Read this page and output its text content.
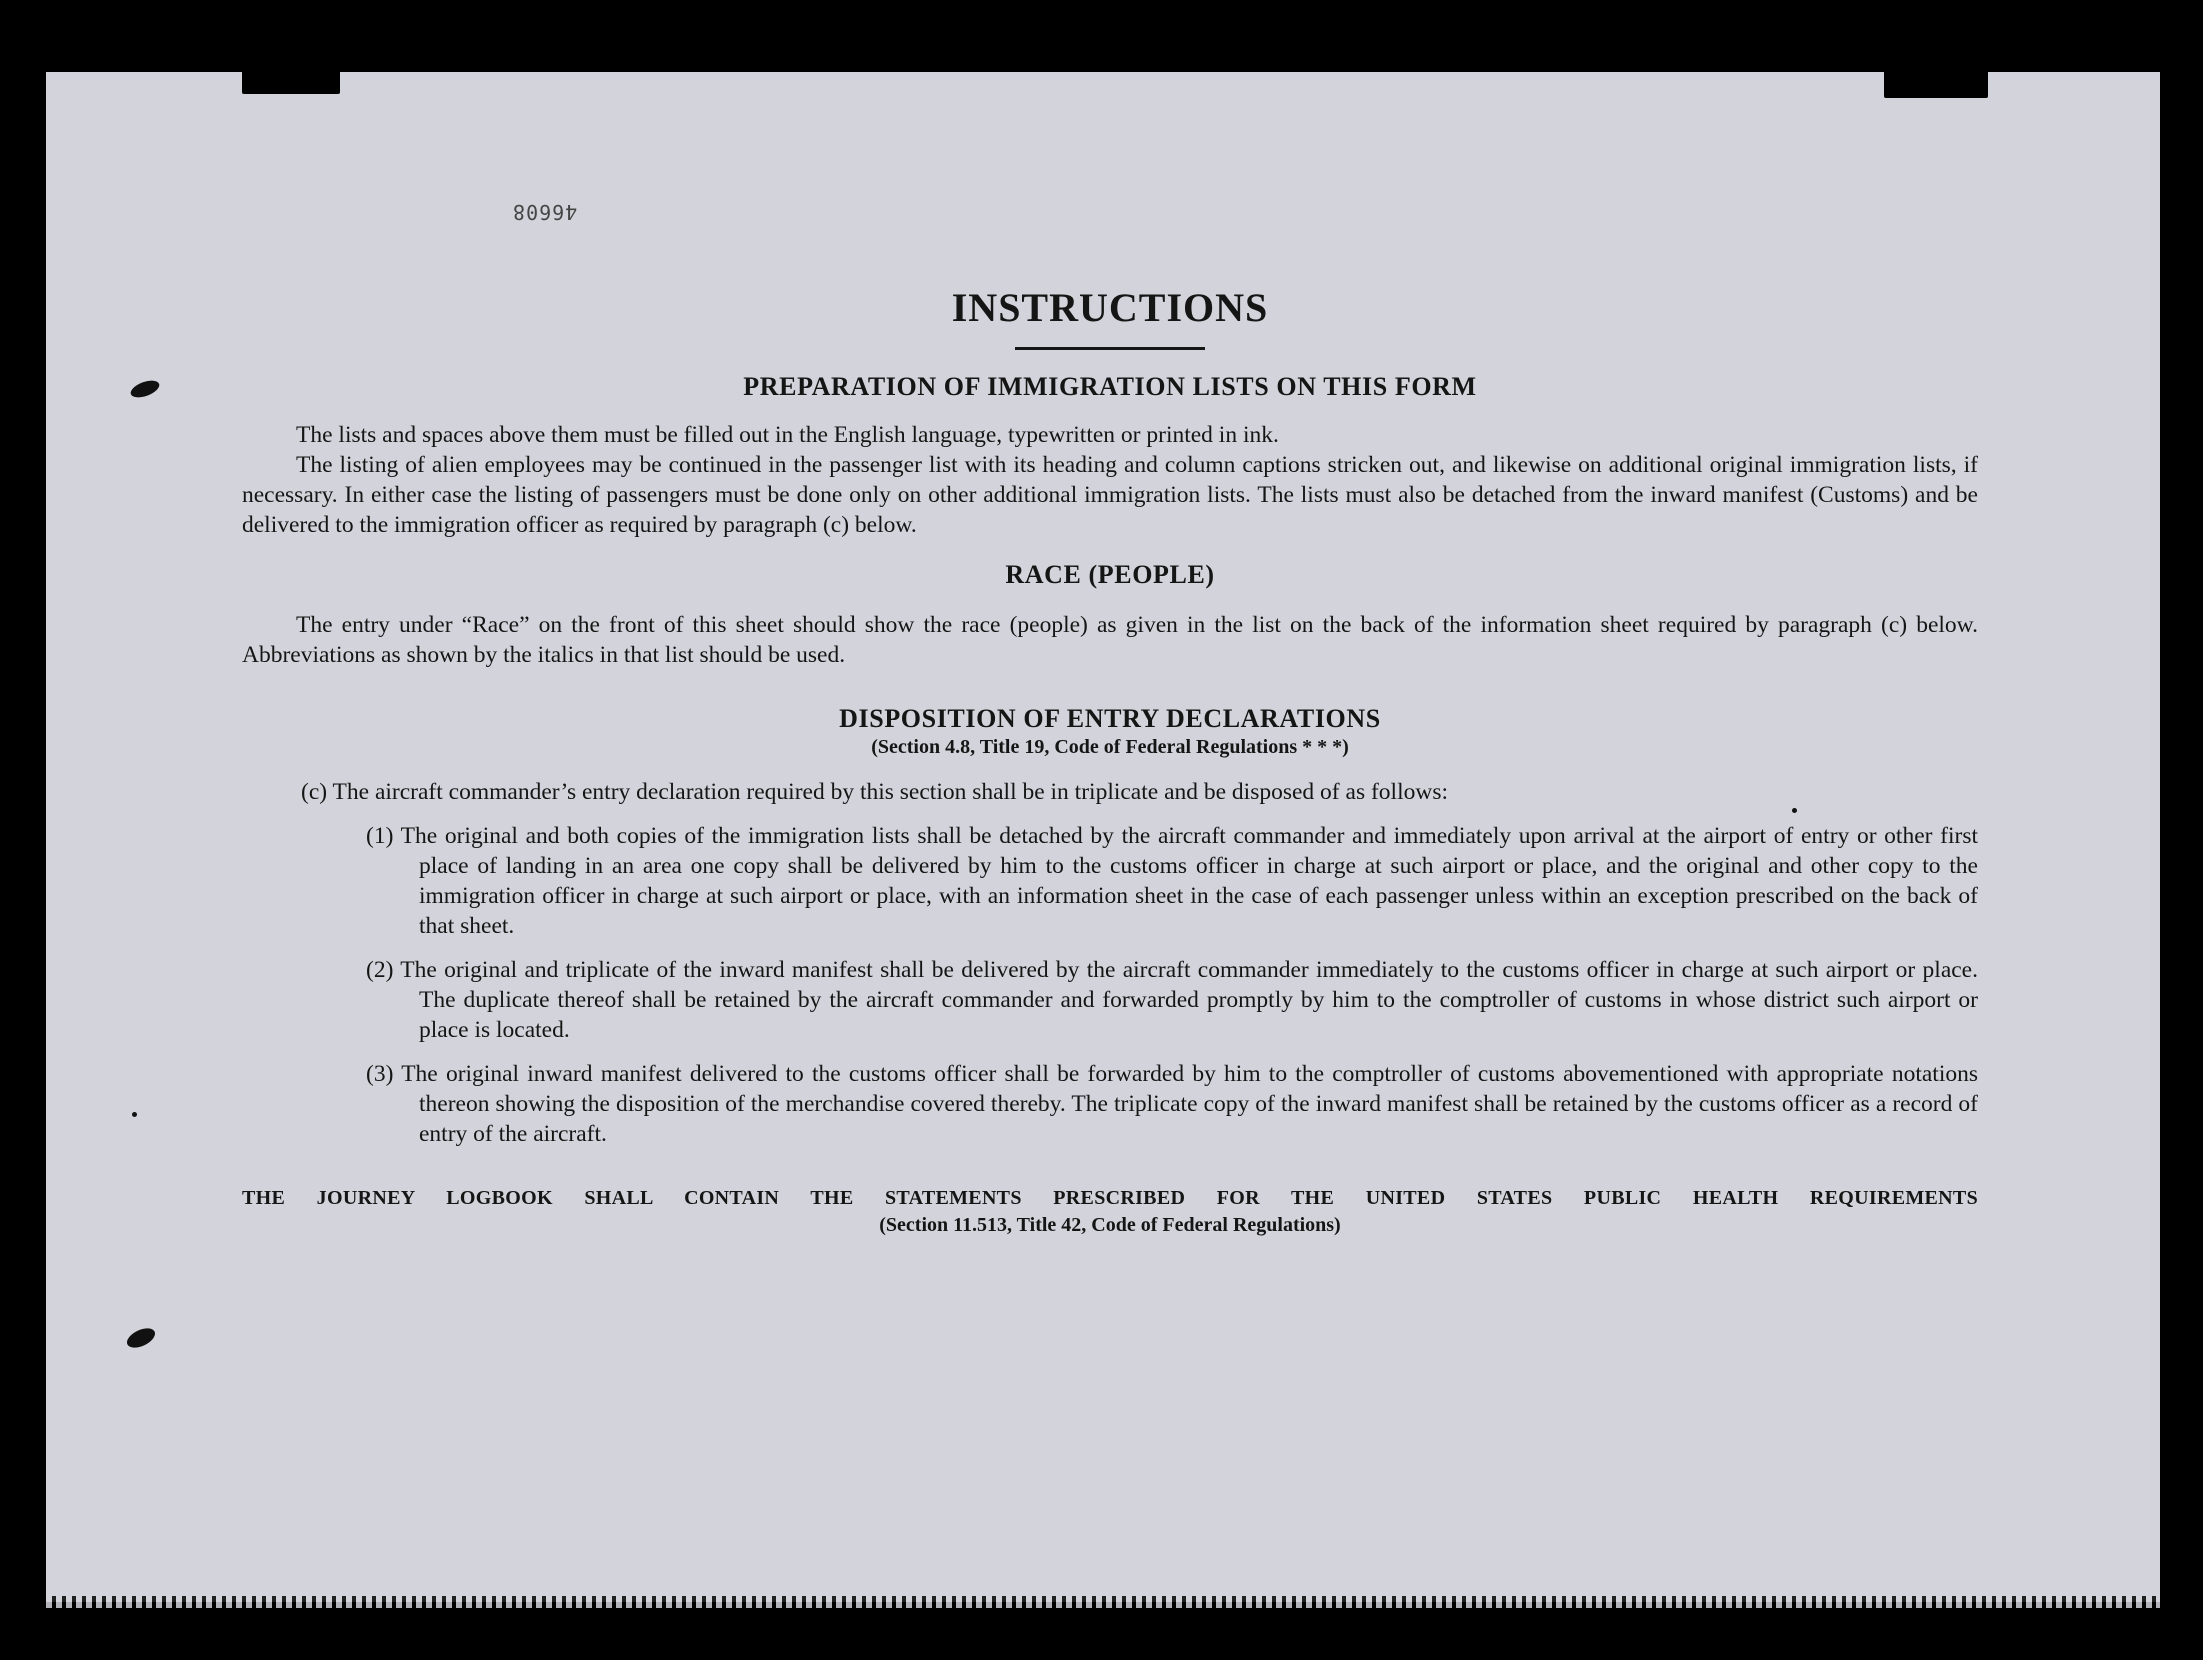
46608
INSTRUCTIONS
PREPARATION OF IMMIGRATION LISTS ON THIS FORM

The lists and spaces above them must be filled out in the English language, typewritten or printed in ink.

The listing of alien employees may be continued in the passenger list with its heading and column captions stricken out, and likewise on additional original immigration lists, if necessary. In either case the listing of passengers must be done only on other additional immigration lists. The lists must also be detached from the inward manifest (Customs) and be delivered to the immigration officer as required by paragraph (c) below.

RACE (PEOPLE)

The entry under “Race” on the front of this sheet should show the race (people) as given in the list on the back of the information sheet required by paragraph (c) below. Abbreviations as shown by the italics in that list should be used.

DISPOSITION OF ENTRY DECLARATIONS
(Section 4.8, Title 19, Code of Federal Regulations * * *)

(c) The aircraft commander’s entry declaration required by this section shall be in triplicate and be disposed of as follows:

(1) The original and both copies of the immigration lists shall be detached by the aircraft commander and immediately upon arrival at the airport of entry or other first place of landing in an area one copy shall be delivered by him to the customs officer in charge at such airport or place, and the original and other copy to the immigration officer in charge at such airport or place, with an information sheet in the case of each passenger unless within an exception prescribed on the back of that sheet.

(2) The original and triplicate of the inward manifest shall be delivered by the aircraft commander immediately to the customs officer in charge at such airport or place. The duplicate thereof shall be retained by the aircraft commander and forwarded promptly by him to the comptroller of customs in whose district such airport or place is located.

(3) The original inward manifest delivered to the customs officer shall be forwarded by him to the comptroller of customs abovementioned with appropriate notations thereon showing the disposition of the merchandise covered thereby. The triplicate copy of the inward manifest shall be retained by the customs officer as a record of entry of the aircraft.

THE JOURNEY LOGBOOK SHALL CONTAIN THE STATEMENTS PRESCRIBED FOR THE UNITED STATES PUBLIC HEALTH REQUIREMENTS
(Section 11.513, Title 42, Code of Federal Regulations)
